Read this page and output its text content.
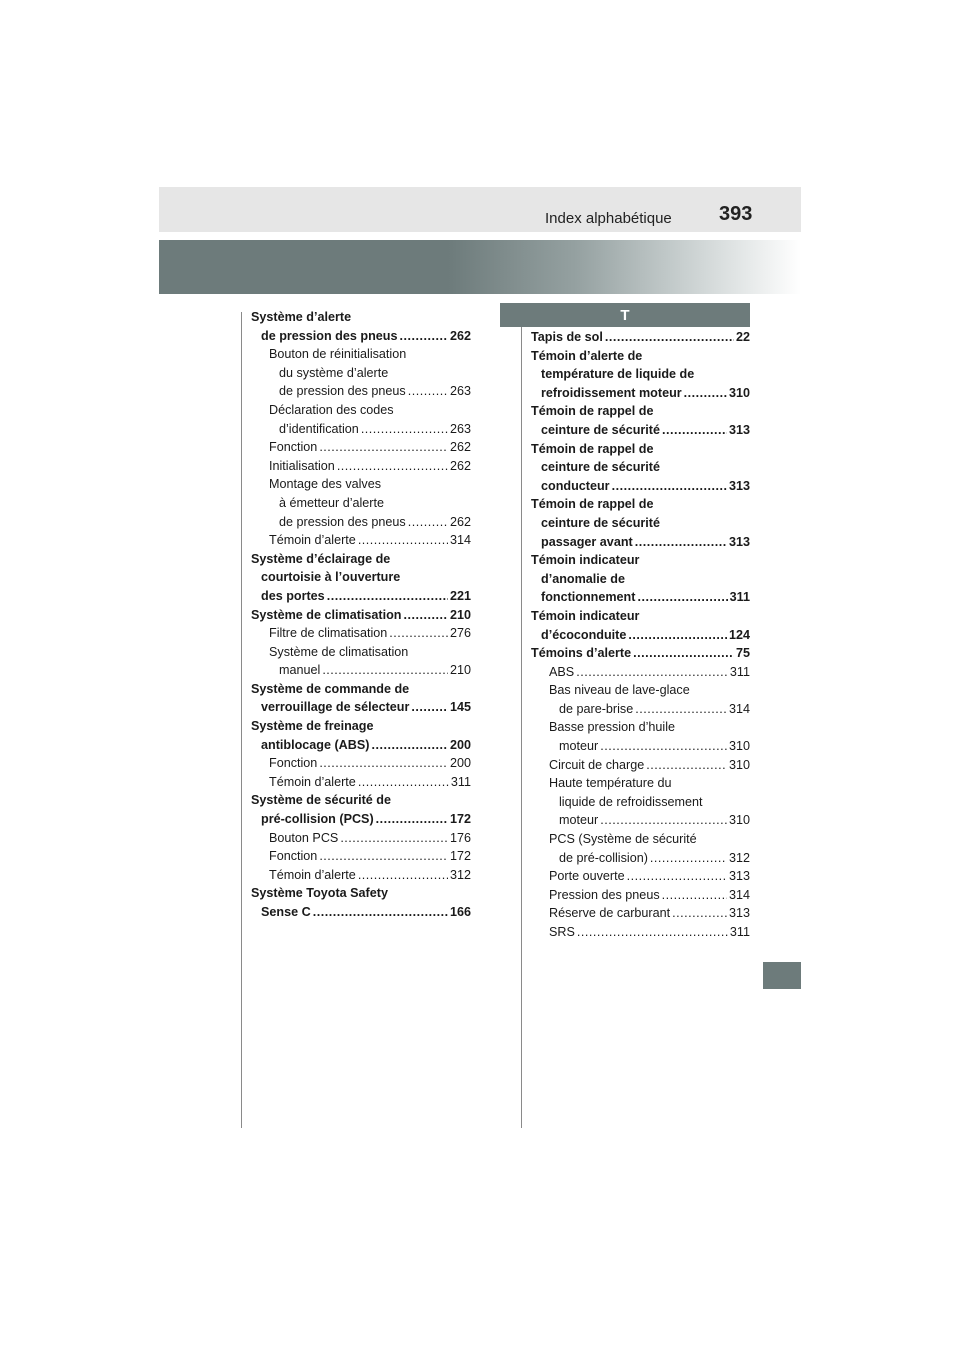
Index alphabétique 393
T
Système d’alerte
de pression des pneus .....	262
Bouton de réinitialisation
du système d’alerte
de pression des pneus .....	263
Déclaration des codes
d’identification .....	263
Fonction .....	262
Initialisation .....	262
Montage des valves
à émetteur d’alerte
de pression des pneus .....	262
Témoin d’alerte .....	314
Système d’éclairage de
courtoisie à l’ouverture
des portes .....	221
Système de climatisation .....	210
Filtre de climatisation .....	276
Système de climatisation
manuel .....	210
Système de commande de
verrouillage de sélecteur .....	145
Système de freinage
antiblocage (ABS) .....	200
Fonction .....	200
Témoin d’alerte .....	311
Système de sécurité de
pré-collision (PCS) .....	172
Bouton PCS .....	176
Fonction .....	172
Témoin d’alerte .....	312
Système Toyota Safety
Sense C .....	166
Tapis de sol .....	22
Témoin d’alerte de
température de liquide de
refroidissement moteur .....	310
Témoin de rappel de
ceinture de sécurité .....	313
Témoin de rappel de
ceinture de sécurité
conducteur .....	313
Témoin de rappel de
ceinture de sécurité
passager avant .....	313
Témoin indicateur
d’anomalie de
fonctionnement .....	311
Témoin indicateur
d’écoconduite .....	124
Témoins d’alerte .....	75
ABS .....	311
Bas niveau de lave-glace
de pare-brise .....	314
Basse pression d’huile
moteur .....	310
Circuit de charge .....	310
Haute température du
liquide de refroidissement
moteur .....	310
PCS (Système de sécurité
de pré-collision) .....	312
Porte ouverte .....	313
Pression des pneus .....	314
Réserve de carburant .....	313
SRS .....	311
